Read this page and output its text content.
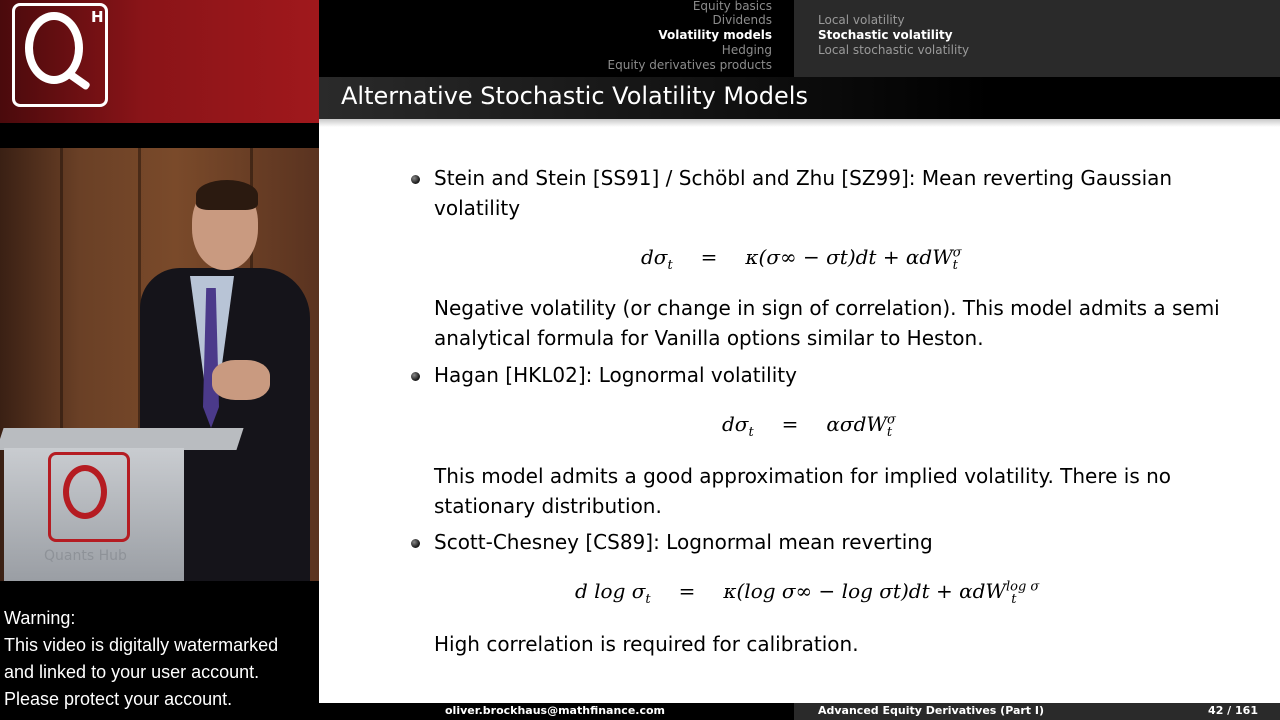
H
Quants Hub
Warning:
This video is digitally watermarked
and linked to your user account.
Please protect your account.
Equity basics
Dividends
Volatility models
Hedging
Equity derivatives products
Local volatility
Stochastic volatility
Local stochastic volatility
Alternative Stochastic Volatility Models
Stein and Stein [SS91] / Schöbl and Zhu [SZ99]: Mean reverting Gaussian volatility
$d\sigma_t = \kappa(\sigma\infty - \sigma t)dt + \alpha dW^\sigma_t$
Negative volatility (or change in sign of correlation). This model admits a semi analytical formula for Vanilla options similar to Heston.
Hagan [HKL02]: Lognormal volatility
$d\sigma_t = \alpha\sigma dW^\sigma_t$
This model admits a good approximation for implied volatility. There is no stationary distribution.
Scott-Chesney [CS89]: Lognormal mean reverting
d $\log \sigma_t = \kappa(\log$ σ∞ − log σt)dt + αdW$^{log \sigma}_t$
High correlation is required for calibration.
oliver.brockhaus@mathfinance.com	Advanced Equity Derivatives (Part I)	42 / 161
